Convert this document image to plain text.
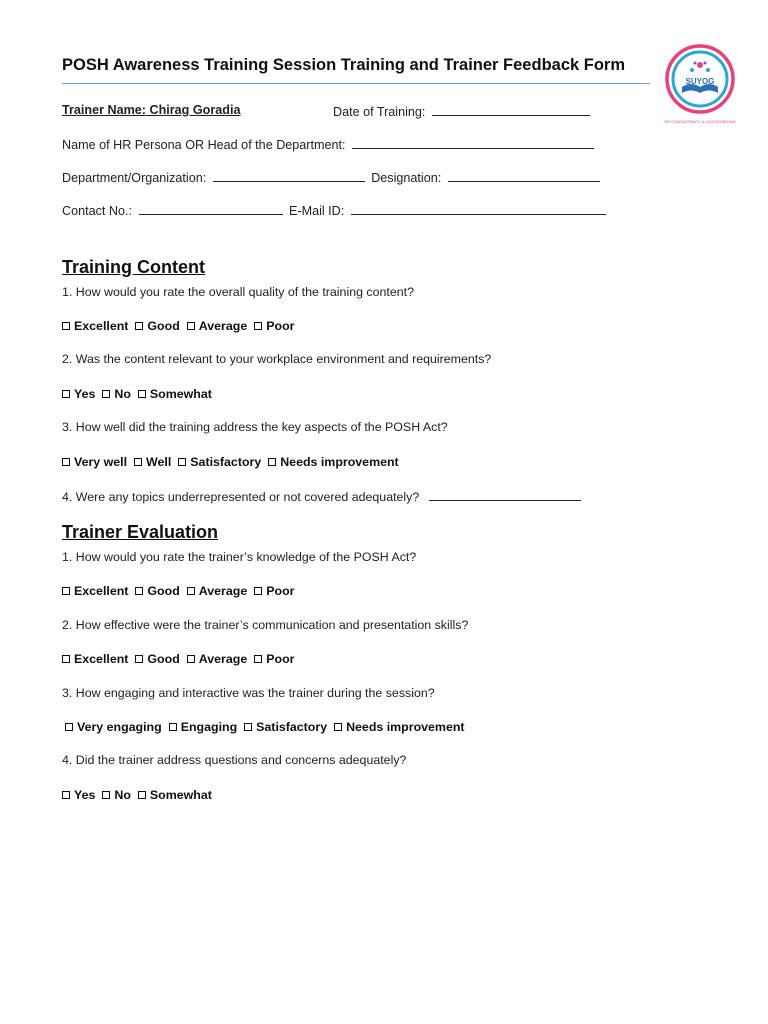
POSH Awareness Training Session Training and Trainer Feedback Form
SUYOG
HR CONSULTANCY & OUTSOURCING
Trainer Name: Chirag Goradia	Date of Training:
Name of HR Persona OR Head of the Department:
Department/Organization:	Designation:
Contact No.:	E-Mail ID:
Training Content
1. How would you rate the overall quality of the training content?
Excellent Good Average Poor
2. Was the content relevant to your workplace environment and requirements?
Yes No Somewhat
3. How well did the training address the key aspects of the POSH Act?
Very well Well Satisfactory Needs improvement
4. Were any topics underrepresented or not covered adequately?
Trainer Evaluation
1. How would you rate the trainer’s knowledge of the POSH Act?
Excellent Good Average Poor
2. How effective were the trainer’s communication and presentation skills?
Excellent Good Average Poor
3. How engaging and interactive was the trainer during the session?
Very engaging Engaging Satisfactory Needs improvement
4. Did the trainer address questions and concerns adequately?
Yes No Somewhat
